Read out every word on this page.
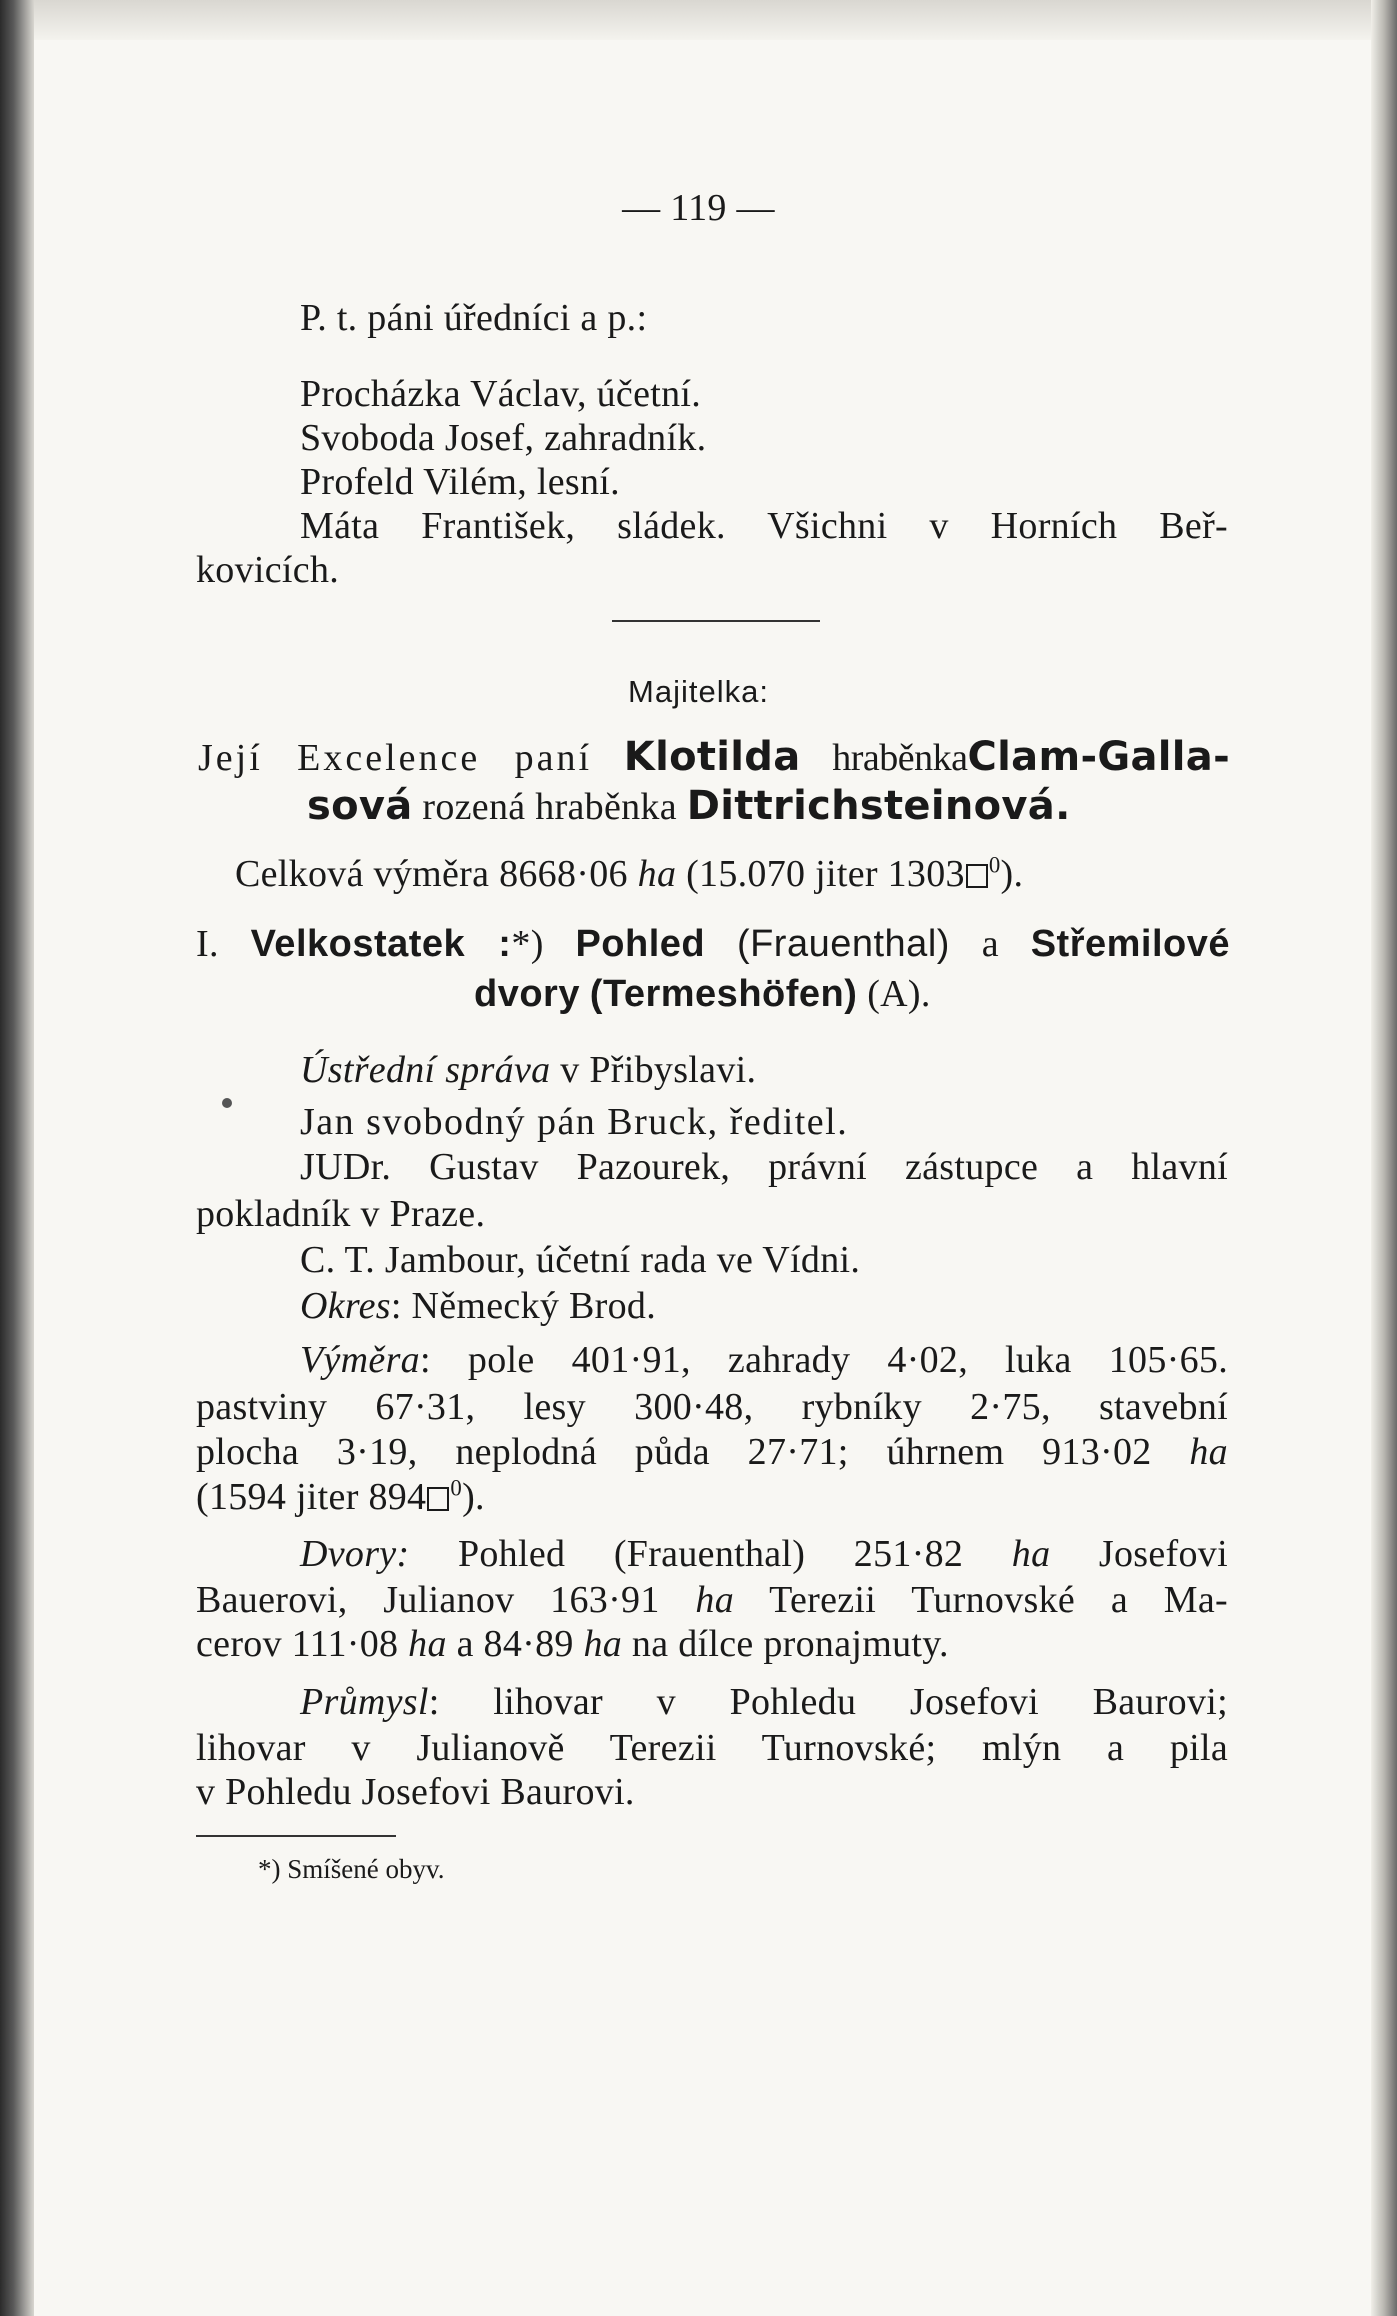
— 119 —
P. t. páni úředníci a p.:
Procházka Václav, účetní.
Svoboda Josef, zahradník.
Profeld Vilém, lesní.
Máta František, sládek. Všichni v Horních Beř-
kovicích.
Majitelka:
Její Excelence paní Klotilda hraběnkaClam-Galla-
sová rozená hraběnka Dittrichsteinová.
Celková výměra 8668·06 ha (15.070 jiter 1303 $^0$).
I. Velkostatek :*) Pohled (Frauenthal) a Střemilové
dvory (Termeshöfen) (A).
Ústřední správa v Přibyslavi.
Jan svobodný pán Bruck, ředitel.
JUDr. Gustav Pazourek, právní zástupce a hlavní
pokladník v Praze.
C. T. Jambour, účetní rada ve Vídni.
Okres: Německý Brod.
Výměra: pole 401·91, zahrady 4·02, luka 105·65.
pastviny 67·31, lesy 300·48, rybníky 2·75, stavební
plocha 3·19, neplodná půda 27·71; úhrnem 913·02 ha
(1594 jiter 894 $^0$).
Dvory: Pohled (Frauenthal) 251·82 ha Josefovi
Bauerovi, Julianov 163·91 ha Terezii Turnovské a Ma-
cerov 111·08 ha a 84·89 ha na dílce pronajmuty.
Průmysl: lihovar v Pohledu Josefovi Baurovi;
lihovar v Julianově Terezii Turnovské; mlýn a pila
v Pohledu Josefovi Baurovi.
*) Smíšené obyv.
